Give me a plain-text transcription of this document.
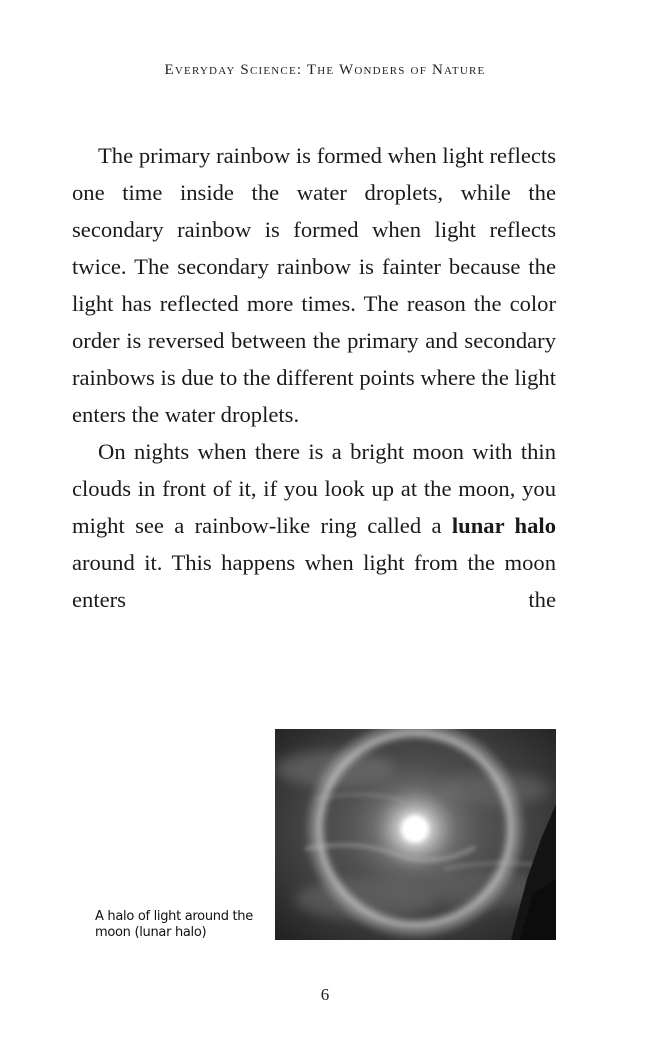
Everyday Science: The Wonders of Nature

The primary rainbow is formed when light reflects one time inside the water droplets, while the secondary rainbow is formed when light reflects twice. The secondary rainbow is fainter because the light has reflected more times. The reason the color order is reversed between the primary and secondary rainbows is due to the different points where the light enters the water droplets.

On nights when there is a bright moon with thin clouds in front of it, if you look up at the moon, you might see a rainbow-like ring called a lunar halo around it. This happens when light from the moon enters the

A halo of light around the moon (lunar halo)
6
